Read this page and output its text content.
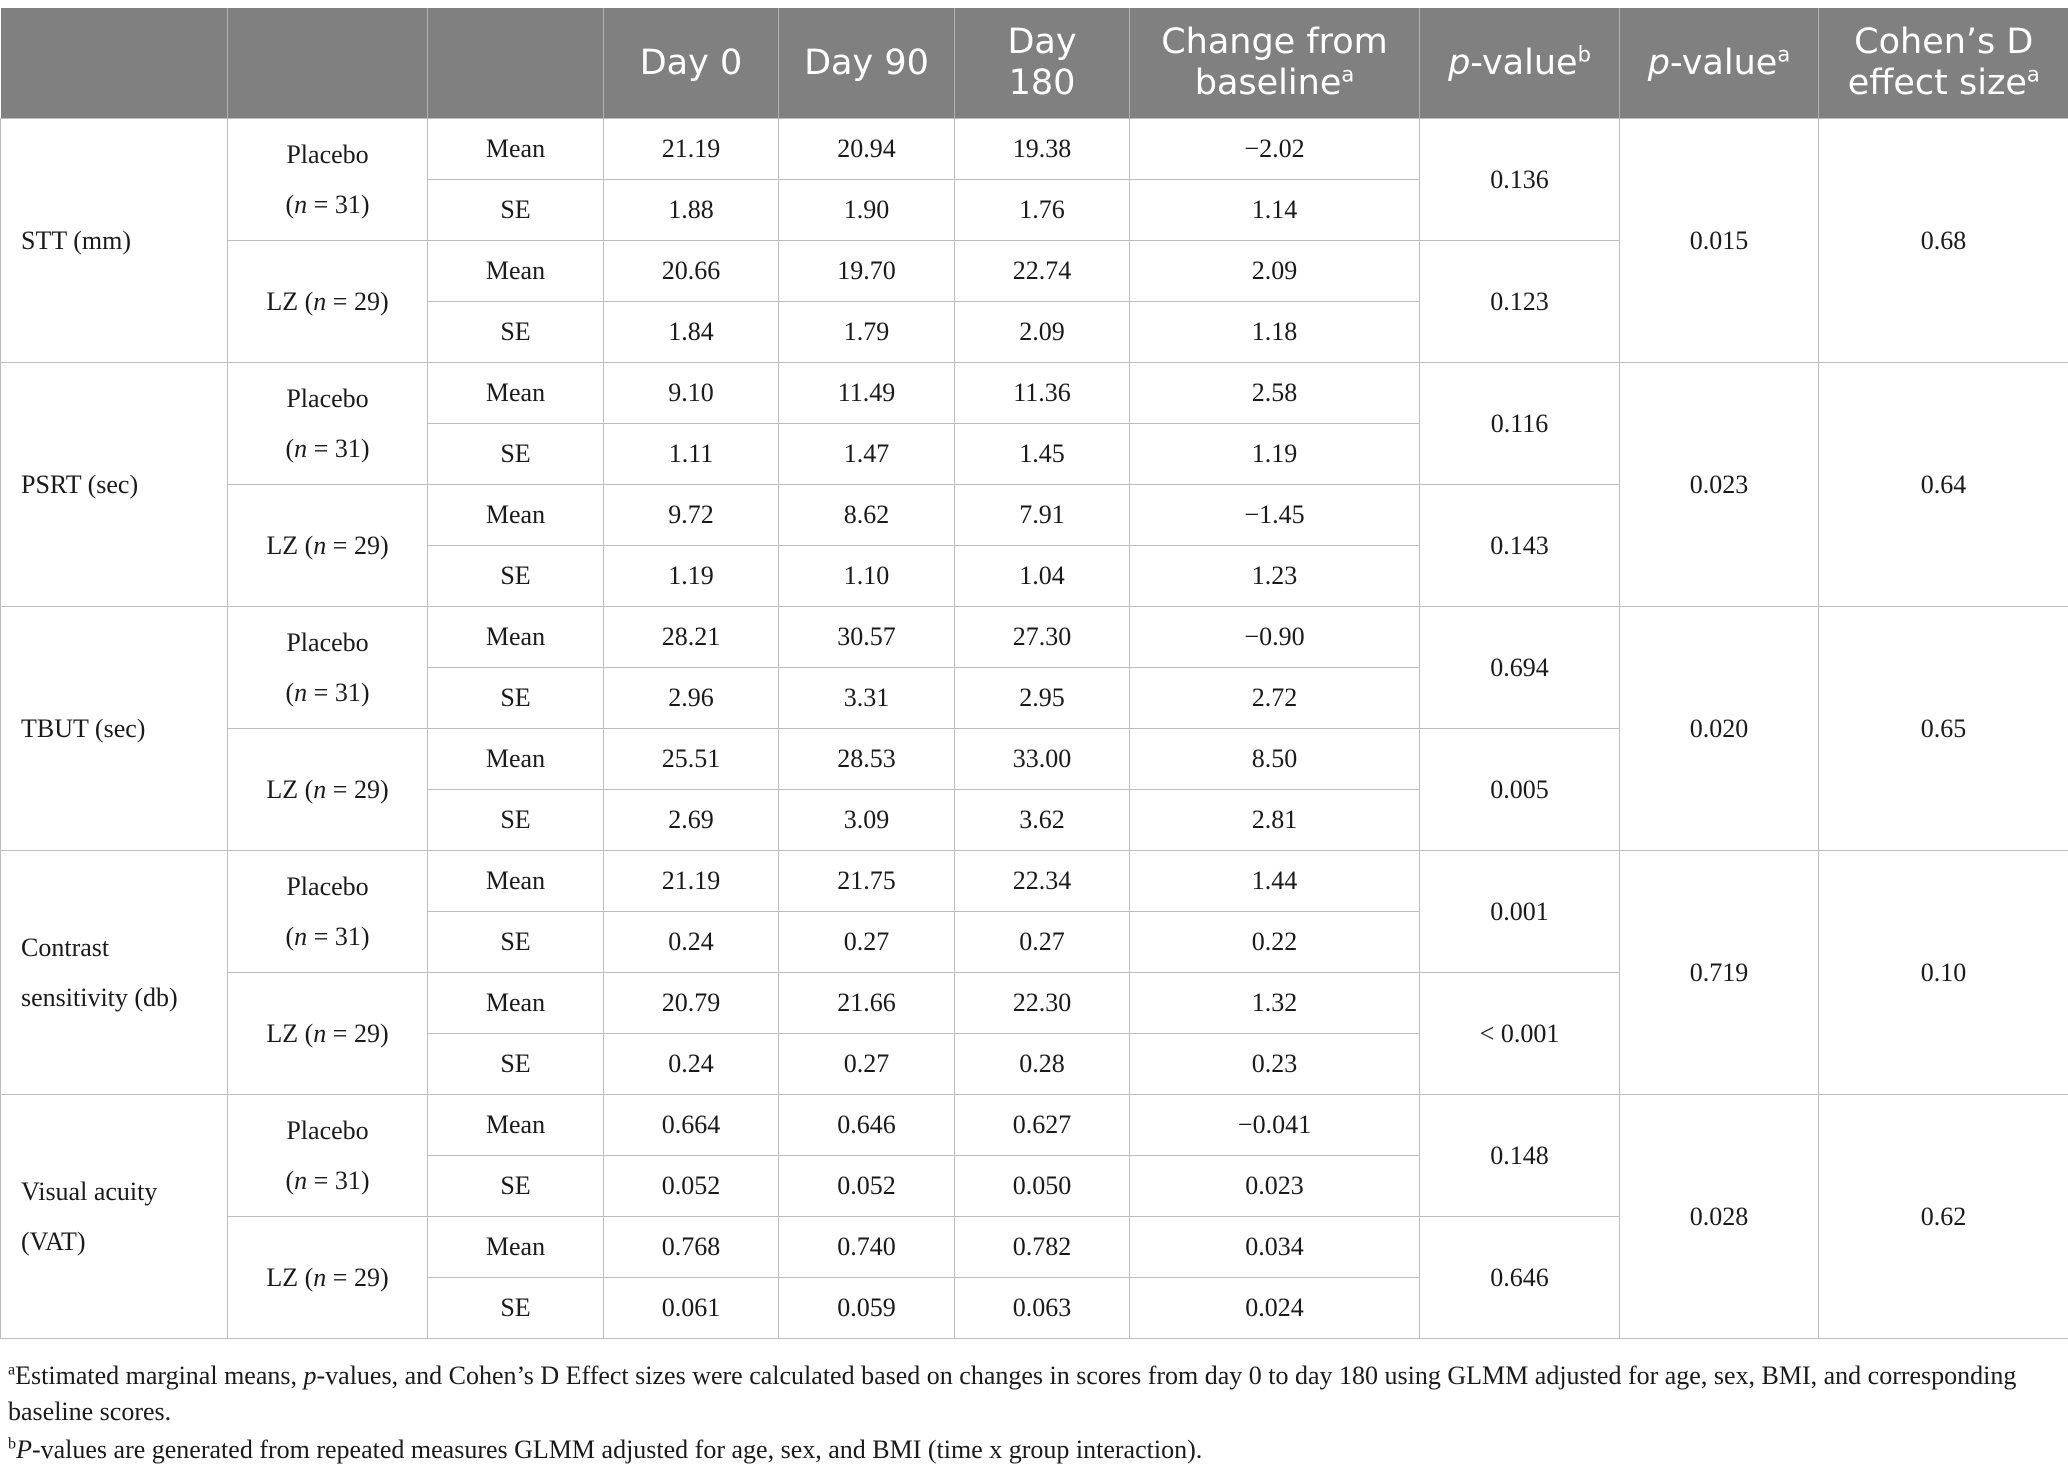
			Day 0	Day 90	Day
180	Change from
baseline$^a$	p-value$^b$	p-value$^a$	Cohen’s D
effect size$^a$
STT (mm)	Placebo
(n = 31)	Mean	21.19	20.94	19.38	−2.02	0.136	0.015	0.68
		SE	1.88	1.90	1.76	1.14			
	LZ (n = 29)	Mean	20.66	19.70	22.74	2.09	0.123		
		SE	1.84	1.79	2.09	1.18			
PSRT (sec)	Placebo
(n = 31)	Mean	9.10	11.49	11.36	2.58	0.116	0.023	0.64
		SE	1.11	1.47	1.45	1.19			
	LZ (n = 29)	Mean	9.72	8.62	7.91	−1.45	0.143		
		SE	1.19	1.10	1.04	1.23			
TBUT (sec)	Placebo
(n = 31)	Mean	28.21	30.57	27.30	−0.90	0.694	0.020	0.65
		SE	2.96	3.31	2.95	2.72			
	LZ (n = 29)	Mean	25.51	28.53	33.00	8.50	0.005		
		SE	2.69	3.09	3.62	2.81			
Contrast
sensitivity (db)	Placebo
(n = 31)	Mean	21.19	21.75	22.34	1.44	0.001	0.719	0.10
		SE	0.24	0.27	0.27	0.22			
	LZ (n = 29)	Mean	20.79	21.66	22.30	1.32	< 0.001		
		SE	0.24	0.27	0.28	0.23			
Visual acuity
(VAT)	Placebo
(n = 31)	Mean	0.664	0.646	0.627	−0.041	0.148	0.028	0.62
		SE	0.052	0.052	0.050	0.023			
	LZ (n = 29)	Mean	0.768	0.740	0.782	0.034	0.646		
		SE	0.061	0.059	0.063	0.024			

$^a$Estimated marginal means, p-values, and Cohen’s D Effect sizes were calculated based on changes in scores from day 0 to day 180 using GLMM adjusted for age, sex, BMI, and corresponding baseline scores.

$^b$P-values are generated from repeated measures GLMM adjusted for age, sex, and BMI (time x group interaction).
